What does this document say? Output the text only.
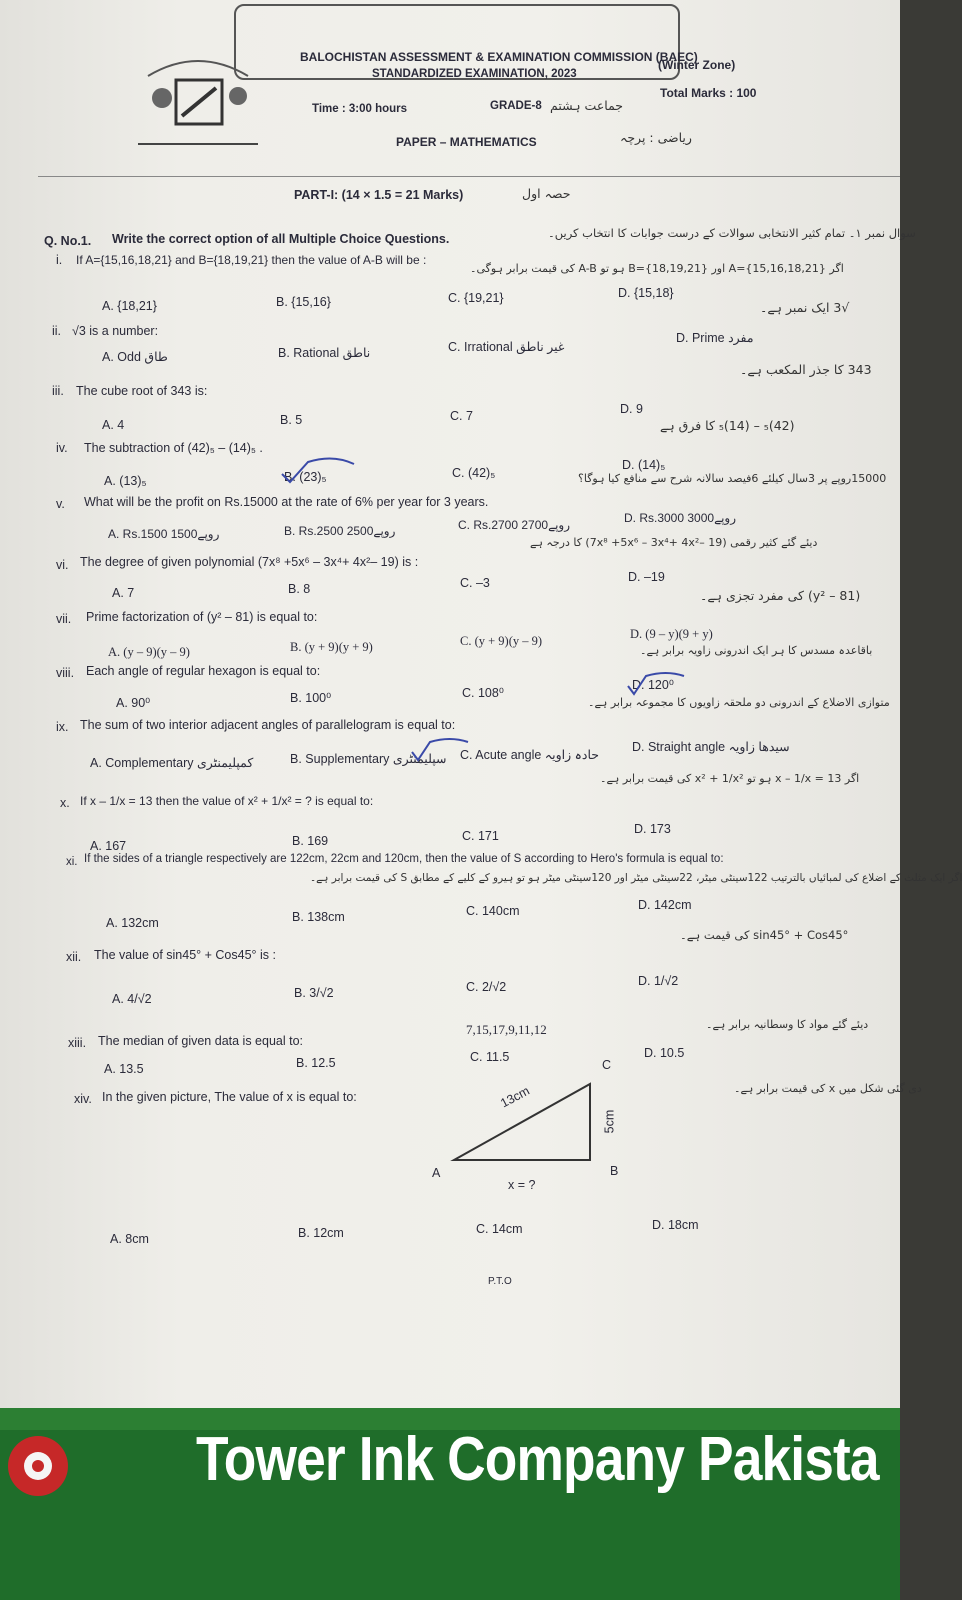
BALOCHISTAN ASSESSMENT & EXAMINATION COMMISSION (BAEC)
STANDARDIZED EXAMINATION, 2023
(Winter Zone)
Time : 3:00 hours	GRADE-8 جماعت ہشتم
Total Marks : 100
PAPER – MATHEMATICS	ریاضی : پرچہ
PART-I: (14 × 1.5 = 21 Marks)	حصہ اول
Q. No.1. Write the correct option of all Multiple Choice Questions.	سوال نمبر ۱۔ تمام کثیر الانتخابی سوالات کے درست جوابات کا انتخاب کریں۔
i. If A={15,16,18,21} and B={18,19,21} then the value of A-B will be :
اگر A={15,16,18,21} اور B={18,19,21} ہو تو A-B کی قیمت برابر ہوگی۔
A. {18,21}	B. {15,16}	C. {19,21}	D. {15,18}
ii. √3 is a number:
√3 ایک نمبر ہے۔
A. Odd طاق	B. Rational ناطق	C. Irrational غیر ناطق
D. Prime مفرد
iii. The cube root of 343 is:
343 کا جذر المکعب ہے۔
A. 4	B. 5	C. 7	D. 9
iv. The subtraction of (42)₅ – (14)₅ .
(42)₅ – (14)₅ کا فرق ہے
A. (13)₅	B. (23)₅	C. (42)₅
D. (14)₅
v. What will be the profit on Rs.15000 at the rate of 6% per year for 3 years.
15000روپے پر 3سال کیلئے 6فیصد سالانہ شرح سے منافع کیا ہوگا؟
A. Rs.1500 1500روپے	B. Rs.2500 2500روپے	C. Rs.2700 2700روپے	D. Rs.3000 3000روپے
vi. The degree of given polynomial (7x⁸ +5x⁶ – 3x⁴+ 4x²– 19) is :
دیئے گئے کثیر رقمی (7x⁸ +5x⁶ – 3x⁴+ 4x²– 19) کا درجہ ہے
A. 7	B. 8	C. –3	D. –19
vii. Prime factorization of (y² – 81) is equal to:
(y² – 81) کی مفرد تجزی ہے۔
A. (y – 9)(y – 9)	B. (y + 9)(y + 9)	C. (y + 9)(y – 9)	D. (9 – y)(9 + y)
viii. Each angle of regular hexagon is equal to:
باقاعدہ مسدس کا ہر ایک اندرونی زاویہ برابر ہے۔
A. 90⁰	B. 100⁰	C. 108⁰
D. 120⁰
ix. The sum of two interior adjacent angles of parallelogram is equal to:
متوازی الاضلاع کے اندرونی دو ملحقہ زاویوں کا مجموعہ برابر ہے۔
A. Complementary کمپلیمنٹری	B. Supplementary سپلیمنٹری C. Acute angle حادہ زاویہ
D. Straight angle سیدھا زاویہ
x. If x – 1/x = 13 then the value of x² + 1/x² = ? is equal to:
اگر x – 1/x = 13 ہو تو x² + 1/x² کی قیمت برابر ہے۔
A. 167	B. 169	C. 171	D. 173
xi. If the sides of a triangle respectively are 122cm, 22cm and 120cm, then the value of S according to Hero's formula is equal to:
اگر ایک مثلث کے اضلاع کی لمبائیاں بالترتیب 122سینٹی میٹر، 22سینٹی میٹر اور 120سینٹی میٹر ہو تو ہیرو کے کلیے کے مطابق S کی قیمت برابر ہے۔
A. 132cm	B. 138cm	C. 140cm	D. 142cm
xii. The value of sin45° + Cos45° is :
sin45° + Cos45° کی قیمت ہے۔
A. 4/√2	B. 3/√2	C. 2/√2	D. 1/√2
xiii. The median of given data is equal to:
7,15,17,9,11,12	دیئے گئے مواد کا وسطانیہ برابر ہے۔
A. 13.5	B. 12.5	C. 11.5	D. 10.5
xiv. In the given picture, The value of x is equal to:
دی گئی شکل میں x کی قیمت برابر ہے۔
13cm
5cm
A	B
C
x = ?
A. 8cm	B. 12cm	C. 14cm	D. 18cm
P.T.O
Tower Ink Company Pakista
